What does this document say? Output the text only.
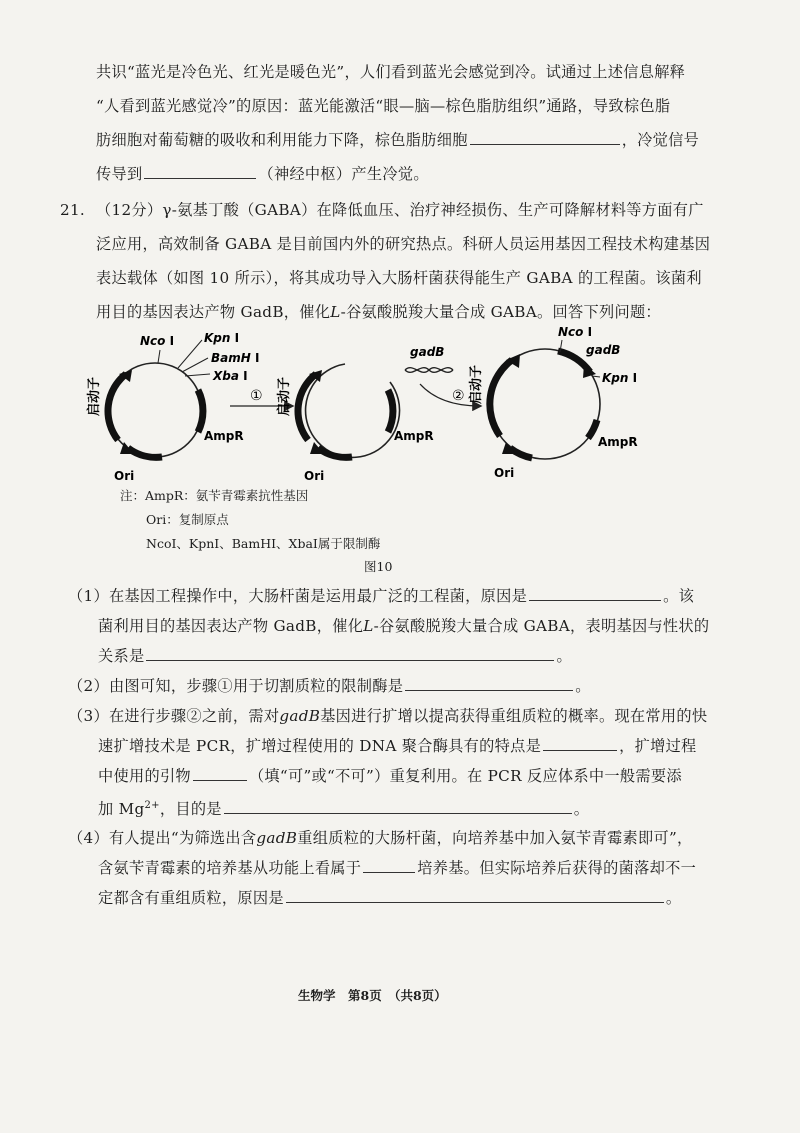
共识“蓝光是冷色光、红光是暖色光”，人们看到蓝光会感觉到冷。试通过上述信息解释
“人看到蓝光感觉冷”的原因：蓝光能激活“眼—脑—棕色脂肪组织”通路，导致棕色脂
肪细胞对葡萄糖的吸收和利用能力下降，棕色脂肪细胞	，冷觉信号
传导到	（神经中枢）产生冷觉。
21. （12分）γ-氨基丁酸（GABA）在降低血压、治疗神经损伤、生产可降解材料等方面有广
泛应用，高效制备 GABA 是目前国内外的研究热点。科研人员运用基因工程技术构建基因
表达载体（如图 10 所示），将其成功导入大肠杆菌获得能生产 GABA 的工程菌。该菌利
用目的基因表达产物 GadB，催化L-谷氨酸脱羧大量合成 GABA。回答下列问题：
启动子
Nco I Kpn I
BamH I
Xba I
AmpR
Ori
① 启动子
AmpR
Ori
gadB
② 启动子
Nco I
gadB
Kpn I
AmpR
Ori
注：AmpR：氨苄青霉素抗性基因
Ori：复制原点
NcoⅠ、KpnⅠ、BamHⅠ、XbaⅠ属于限制酶
图10
（1）在基因工程操作中，大肠杆菌是运用最广泛的工程菌，原因是	。该
菌利用目的基因表达产物 GadB，催化L-谷氨酸脱羧大量合成 GABA，表明基因与性状的
关系是	。
（2）由图可知，步骤①用于切割质粒的限制酶是	。
（3）在进行步骤②之前，需对gadB基因进行扩增以提高获得重组质粒的概率。现在常用的快
速扩增技术是 PCR，扩增过程使用的 DNA 聚合酶具有的特点是	，扩增过程
中使用的引物	（填“可”或“不可”）重复利用。在 PCR 反应体系中一般需要添
加 $Mg^{2+}$，目的是	。
（4）有人提出“为筛选出含gadB重组质粒的大肠杆菌，向培养基中加入氨苄青霉素即可”，
含氨苄青霉素的培养基从功能上看属于	培养基。但实际培养后获得的菌落却不一
定都含有重组质粒，原因是	。
生物学　第8页　（共8页）
